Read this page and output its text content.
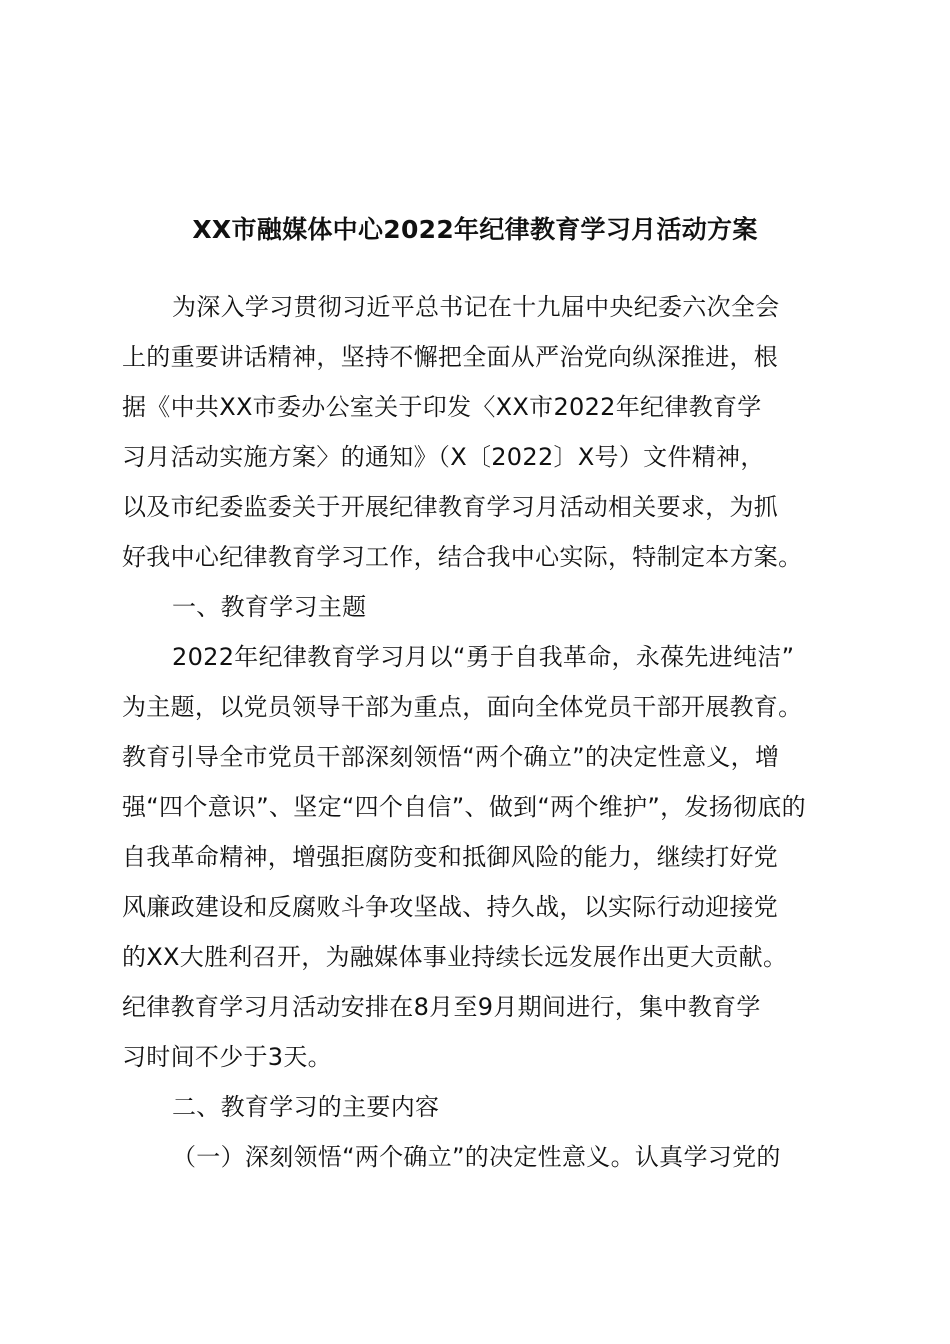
XX市融媒体中心2022年纪律教育学习月活动方案
为深入学习贯彻习近平总书记在十九届中央纪委六次全会
上的重要讲话精神，坚持不懈把全面从严治党向纵深推进，根
据《中共XX市委办公室关于印发〈XX市2022年纪律教育学
习月活动实施方案〉的通知》（X〔2022〕X号）文件精神，
以及市纪委监委关于开展纪律教育学习月活动相关要求，为抓
好我中心纪律教育学习工作，结合我中心实际，特制定本方案。
一、教育学习主题
2022年纪律教育学习月以“勇于自我革命，永葆先进纯洁”
为主题，以党员领导干部为重点，面向全体党员干部开展教育。
教育引导全市党员干部深刻领悟“两个确立”的决定性意义，增
强“四个意识”、坚定“四个自信”、做到“两个维护”，发扬彻底的
自我革命精神，增强拒腐防变和抵御风险的能力，继续打好党
风廉政建设和反腐败斗争攻坚战、持久战，以实际行动迎接党
的XX大胜利召开，为融媒体事业持续长远发展作出更大贡献。
纪律教育学习月活动安排在8月至9月期间进行，集中教育学
习时间不少于3天。
二、教育学习的主要内容
（一）深刻领悟“两个确立”的决定性意义。认真学习党的
